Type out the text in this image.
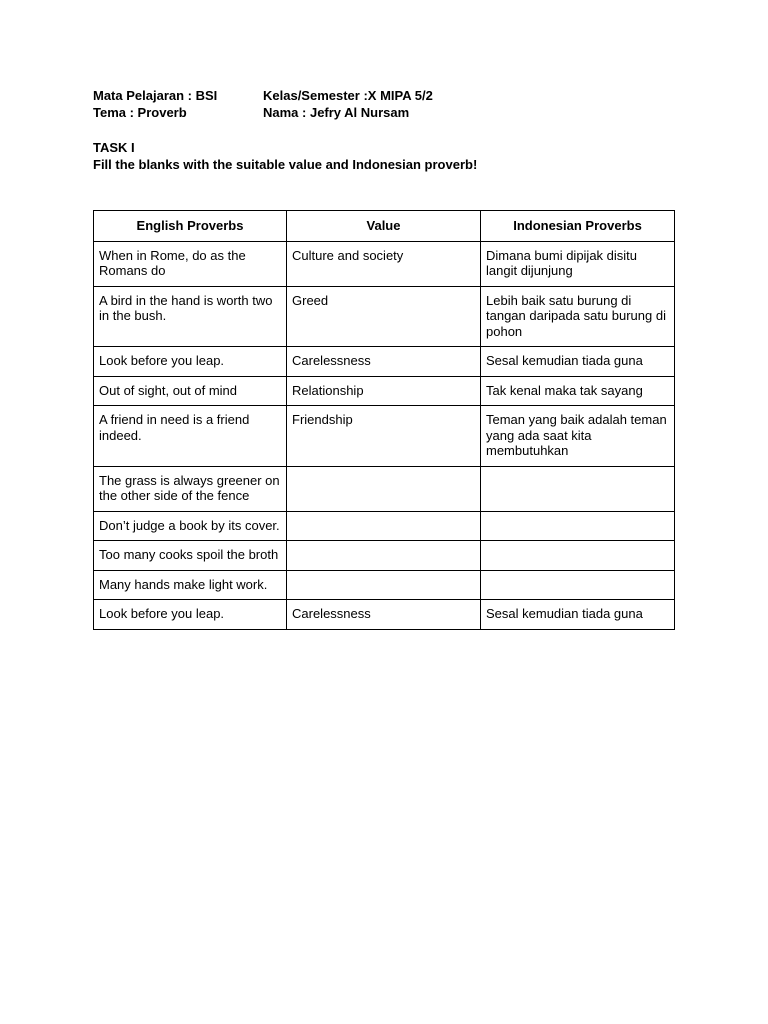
Mata Pelajaran : BSI	Kelas/Semester :X MIPA 5/2
Tema : Proverb	Nama : Jefry Al Nursam
TASK I
Fill the blanks with the suitable value and Indonesian proverb!
English Proverbs	Value	Indonesian Proverbs
When in Rome, do as the Romans do	Culture and society	Dimana bumi dipijak disitu langit dijunjung
A bird in the hand is worth two in the bush.	Greed	Lebih baik satu burung di tangan daripada satu burung di pohon
Look before you leap.	Carelessness	Sesal kemudian tiada guna
Out of sight, out of mind	Relationship	Tak kenal maka tak sayang
A friend in need is a friend indeed.	Friendship	Teman yang baik adalah teman yang ada saat kita membutuhkan
The grass is always greener on the other side of the fence		
Don’t judge a book by its cover.		
Too many cooks spoil the broth		
Many hands make light work.		
Look before you leap.	Carelessness	Sesal kemudian tiada guna
